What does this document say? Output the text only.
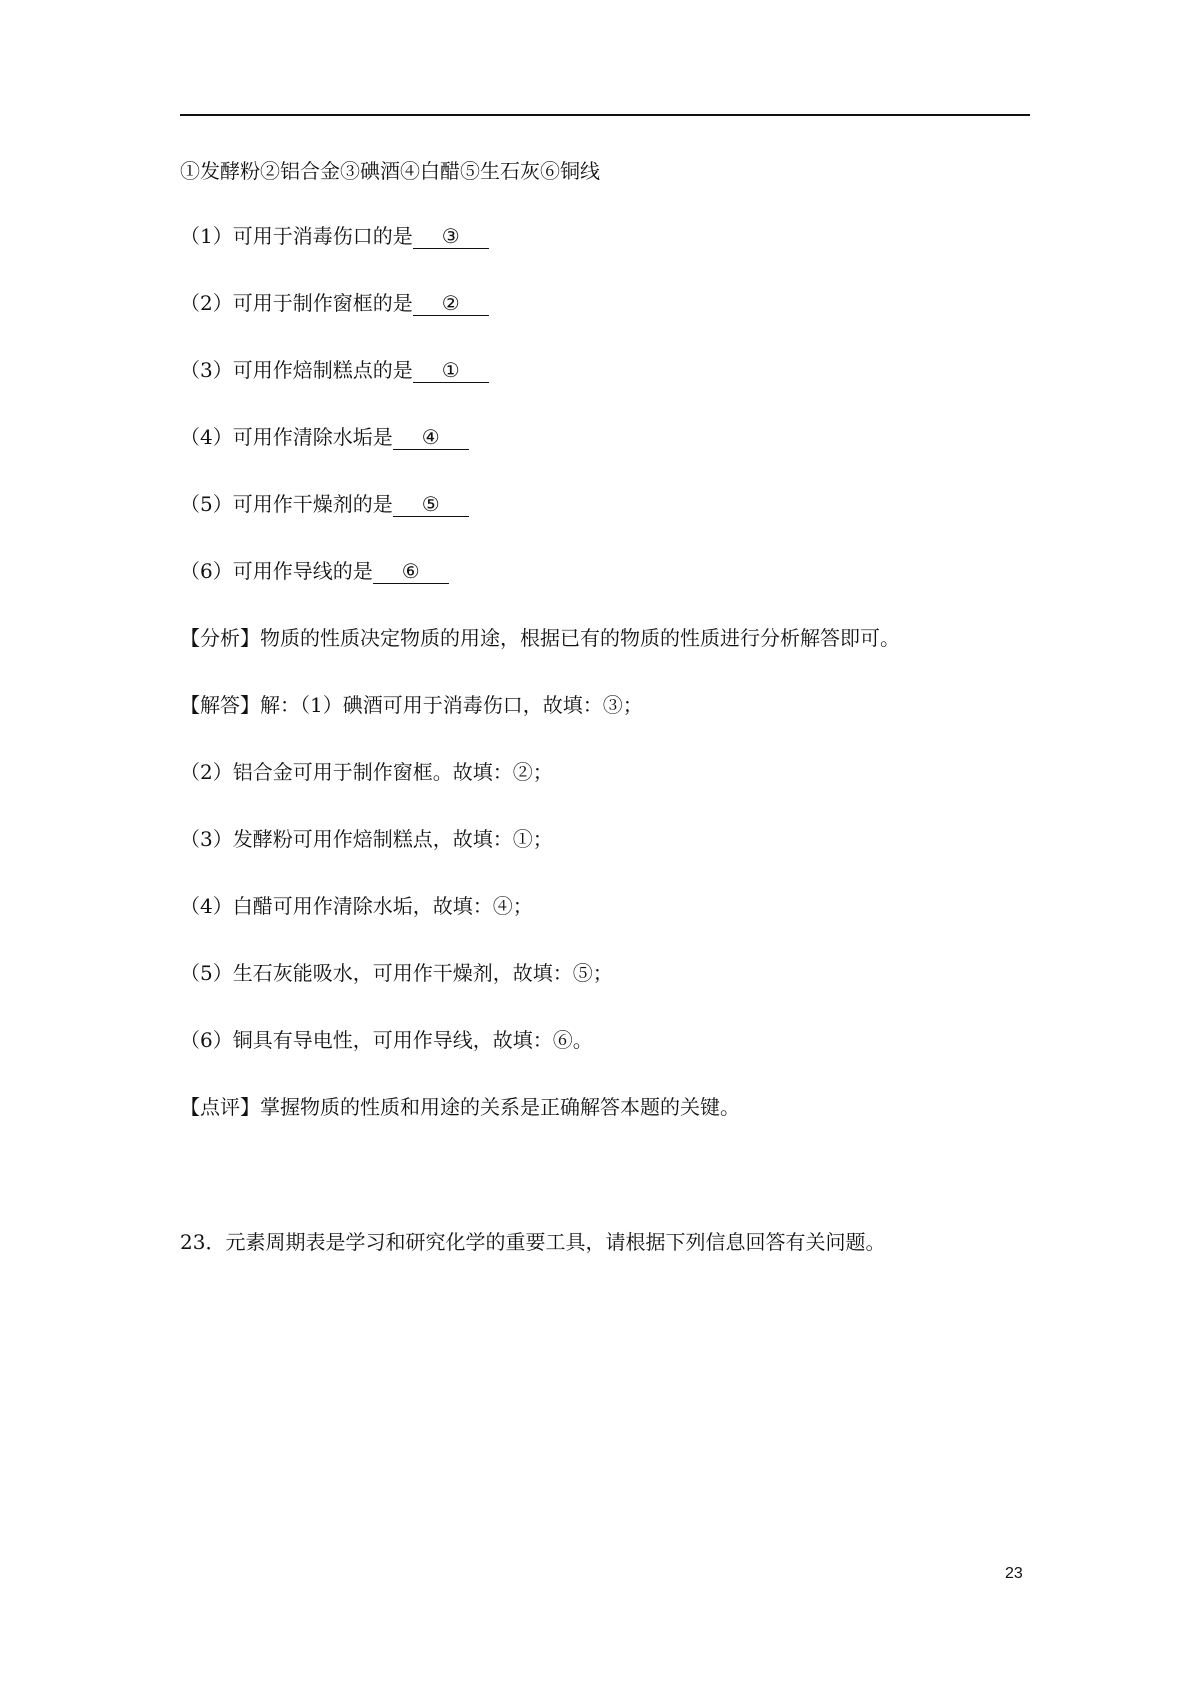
①发酵粉②铝合金③碘酒④白醋⑤生石灰⑥铜线
（1）可用于消毒伤口的是 ③
（2）可用于制作窗框的是 ②
（3）可用作焙制糕点的是 ①
（4）可用作清除水垢是 ④
（5）可用作干燥剂的是 ⑤
（6）可用作导线的是 ⑥
【分析】物质的性质决定物质的用途，根据已有的物质的性质进行分析解答即可。
【解答】解：（1）碘酒可用于消毒伤口，故填：③；
（2）铝合金可用于制作窗框。故填：②；
（3）发酵粉可用作焙制糕点，故填：①；
（4）白醋可用作清除水垢，故填：④；
（5）生石灰能吸水，可用作干燥剂，故填：⑤；
（6）铜具有导电性，可用作导线，故填：⑥。
【点评】掌握物质的性质和用途的关系是正确解答本题的关键。
23．元素周期表是学习和研究化学的重要工具，请根据下列信息回答有关问题。
23
